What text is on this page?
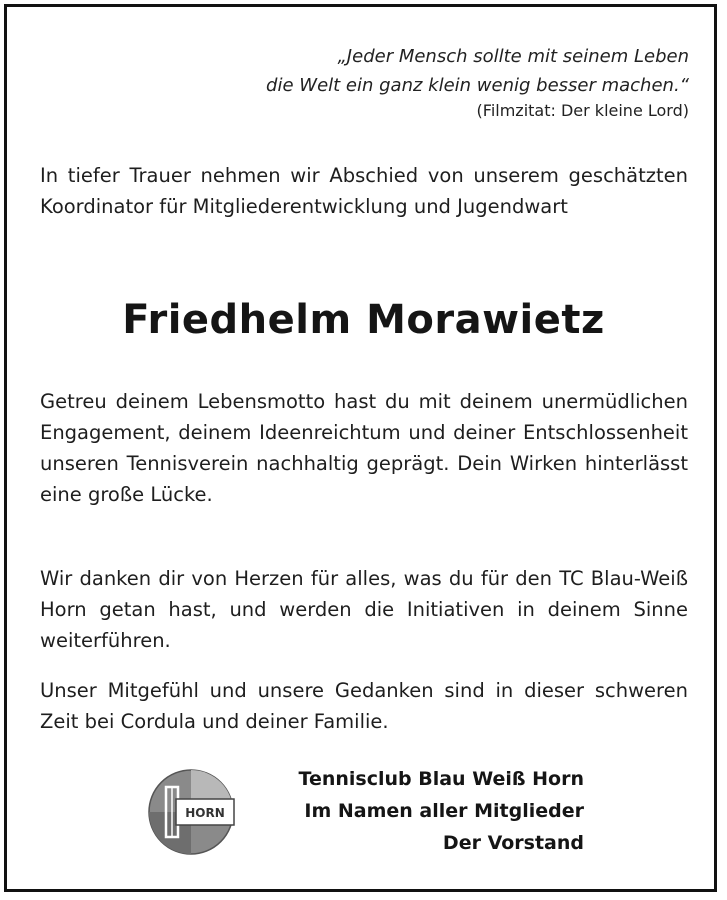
„Jeder Mensch sollte mit seinem Leben
die Welt ein ganz klein wenig besser machen.“
(Filmzitat: Der kleine Lord)
In tiefer Trauer nehmen wir Abschied von unserem geschätzten Koordinator für Mitgliederentwicklung und Jugendwart
Friedhelm Morawietz
Getreu deinem Lebensmotto hast du mit deinem unermüdlichen Engagement, deinem Ideenreichtum und deiner Entschlossenheit unseren Tennisverein nachhaltig geprägt. Dein Wirken hinterlässt eine große Lücke.
Wir danken dir von Herzen für alles, was du für den TC Blau-Weiß Horn getan hast, und werden die Initiativen in deinem Sinne weiterführen.
Unser Mitgefühl und unsere Gedanken sind in dieser schweren Zeit bei Cordula und deiner Familie.
HORN
Tennisclub Blau Weiß Horn
Im Namen aller Mitglieder
Der Vorstand
